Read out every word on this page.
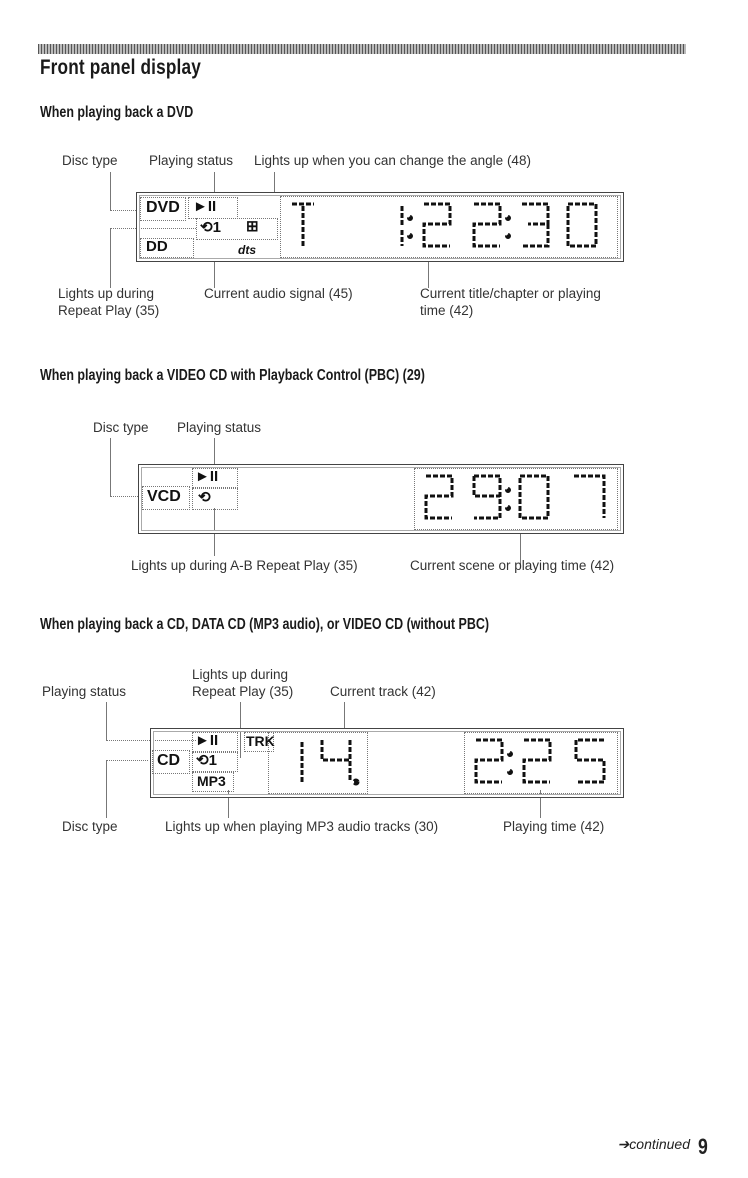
Front panel display
When playing back a DVD
Disc type Playing status Lights up when you can change the angle (48)
DVD ►II
⟲1 ⊞
DD	dts
Lights up during
Repeat Play (35)
Current audio signal (45)	Current title/chapter or playing
time (42)
When playing back a VIDEO CD with Playback Control (PBC) (29)
Disc type Playing status
VCD
►II
⟲
Lights up during A-B Repeat Play (35)	Current scene or playing time (42)
When playing back a CD, DATA CD (MP3 audio), or VIDEO CD (without PBC)
Lights up during
Repeat Play (35)
Playing status	Current track (42)
CD
►II
⟲1
MP3
TRK
Disc type	Lights up when playing MP3 audio tracks (30)	Playing time (42)
➔continued 9
